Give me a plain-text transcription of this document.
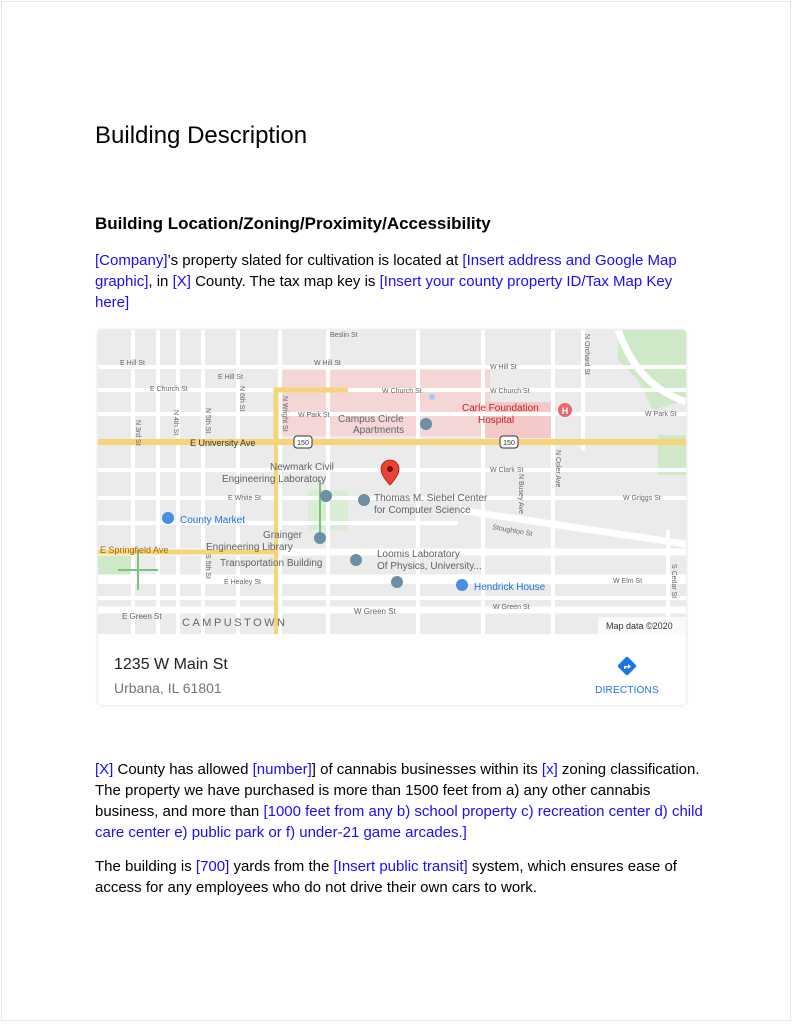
Building Description
Building Location/Zoning/Proximity/Accessibility

[Company]’s property slated for cultivation is located at [Insert address and Google Map graphic], in [X] County. The tax map key is [Insert your county property ID/Tax Map Key here]

150	150
Beslin St
E Hill St	W Hill St
E Hill St
W Hill St
E Church St	W Church St	W Church St
W Park St	W Park St
W Clark St
E White St	W Griggs St
Stoughton St
E Healey St	W Elm St
E Green St
W Green St	W Green St
N 3rd St	N 4th St	N 5th St
N 6th St	N Wright St
N Orchard St
N Coler Ave
N Busey Ave
S 5th St	S Cedar St
E University Ave
Campus Circle
Apartments
Newmark Civil
Engineering Laboratory
Thomas M. Siebel Center
for Computer Science
Grainger
Engineering Library
Transportation Building
Loomis Laboratory
Of Physics, University...
Carle Foundation
Hospital
County Market
Hendrick House
E Springfield Ave
CAMPUSTOWN
H
Map data ©2020
1235 W Main St
Urbana, IL 61801	DIRECTIONS

[X] County has allowed [number]] of cannabis businesses within its [x] zoning classification. The property we have purchased is more than 1500 feet from a) any other cannabis business, and more than [1000 feet from any b) school property c) recreation center d) child care center e) public park or f) under-21 game arcades.]

The building is [700] yards from the [Insert public transit] system, which ensures ease of access for any employees who do not drive their own cars to work.
